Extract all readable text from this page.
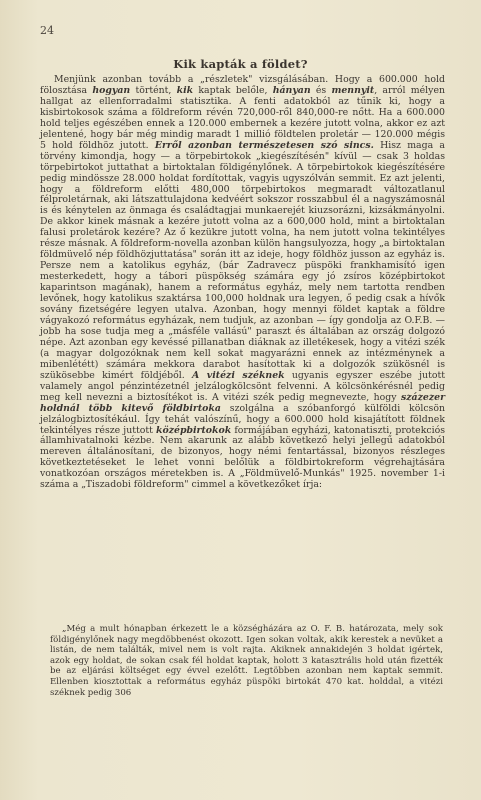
24
Kik kapták a földet?

Menjünk azonban tovább a „részletek" vizsgálásában. Hogy a 600.000 hold fölosztása hogyan történt, kik kaptak belőle, hányan és mennyit, arról mélyen hallgat az ellenforradalmi statisztika. A fenti adatokból az tűnik ki, hogy a kisbirtokosok száma a földreform révén 720,000-ről 840,000-re nőtt. Ha a 600.000 hold teljes egészében ennek a 120.000 embernek a kezére jutott volna, akkor ez azt jelentené, hogy bár még mindig maradt 1 millió földtelen proletár — 120.000 mégis 5 hold földhöz jutott. Erről azonban természetesen szó sincs. Hisz maga a törvény kimondja, hogy — a törpebirtokok „kiegészítésén" kívül — csak 3 holdas törpebirtokot juttathat a birtoktalan földigénylőnek. A törpebirtokok kiegészítésére pedig mindössze 28.000 holdat fordítottak, vagyis ugyszólván semmit. Ez azt jelenti, hogy a földreform előtti 480,000 törpebirtokos megmaradt változatlanul félproletárnak, aki látszattulajdona kedvéért sokszor rosszabbul él a nagyszámosnál is és kénytelen az önmaga és családtagjai munkaerejét kiuzsorázni, kizsákmányolni. De akkor kinek másnak a kezére jutott volna az a 600,000 hold, mint a birtoktalan falusi proletárok kezére? Az ő kezükre jutott volna, ha nem jutott volna tekintélyes része másnak. A földreform-novella azonban külön hangsulyozza, hogy „a birtoktalan földmüvelő nép földhözjuttatása" során itt az ideje, hogy földhöz jusson az egyház is. Persze nem a katolikus egyház, (bár Zadravecz püspöki frankhamisító igen mesterkedett, hogy a tábori püspökség számára egy jó zsíros középbirtokot kaparintson magának), hanem a református egyház, mely nem tartotta rendben levőnek, hogy katolikus szaktársa 100,000 holdnak ura legyen, ő pedig csak a hívők sovány fizetségére legyen utalva. Azonban, hogy mennyi földet kaptak a földre vágyakozó református egyházak, nem tudjuk, az azonban — így gondolja az O.F.B. — jobb ha sose tudja meg a „másféle vallású" paraszt és általában az ország dolgozó népe. Azt azonban egy kevéssé pillanatban diáknak az illetékesek, hogy a vitézi szék (a magyar dolgozóknak nem kell sokat magyarázni ennek az intézménynek a mibenlététt) számára mekkora darabot hasítottak ki a dolgozók szükösnél is szükösebbe kimért földjéből. A vitézi széknek ugyanis egyszer eszébe jutott valamely angol pénzintézetnél jelzálogkölcsönt felvenni. A kölcsönkérésnél pedig meg kell nevezni a biztosítékot is. A vitézi szék pedig megnevezte, hogy százezer holdnál több kitevő földbirtoka szolgálna a szóbanforgó külföldi kölcsön jelzálogbiztosítékául. Így tehát valószínű, hogy a 600.000 hold kisajátított földnek tekintélyes része juttott középbirtokok formájában egyházi, katonatiszti, protekciós államhivatalnoki kézbe. Nem akarunk az alább következő helyi jellegű adatokból mereven általánosítani, de bizonyos, hogy némi fentartással, bizonyos részleges következtetéseket le lehet vonni belőlük a földbirtokreform végrehajtására vonatkozóan országos méretekben is. A „Földmüvelő-Munkás" 1925. november 1-i száma a „Tiszadobi földreform" cimmel a következőket írja:

„Még a mult hónapban érkezett le a községházára az O. F. B. határozata, mely sok földigénylőnek nagy megdöbbenést okozott. Igen sokan voltak, akik kerestek a nevüket a listán, de nem találták, mivel nem is volt rajta. Akiknek annakidején 3 holdat igértek, azok egy holdat, de sokan csak fél holdat kaptak, holott 3 katasztrális hold után fizették be az eljárási költséget egy évvel ezelőtt. Legtöbben azonban nem kaptak semmit. Ellenben kiosztottak a református egyház püspöki birtokát 470 kat. holddal, a vitézi széknek pedig 306
